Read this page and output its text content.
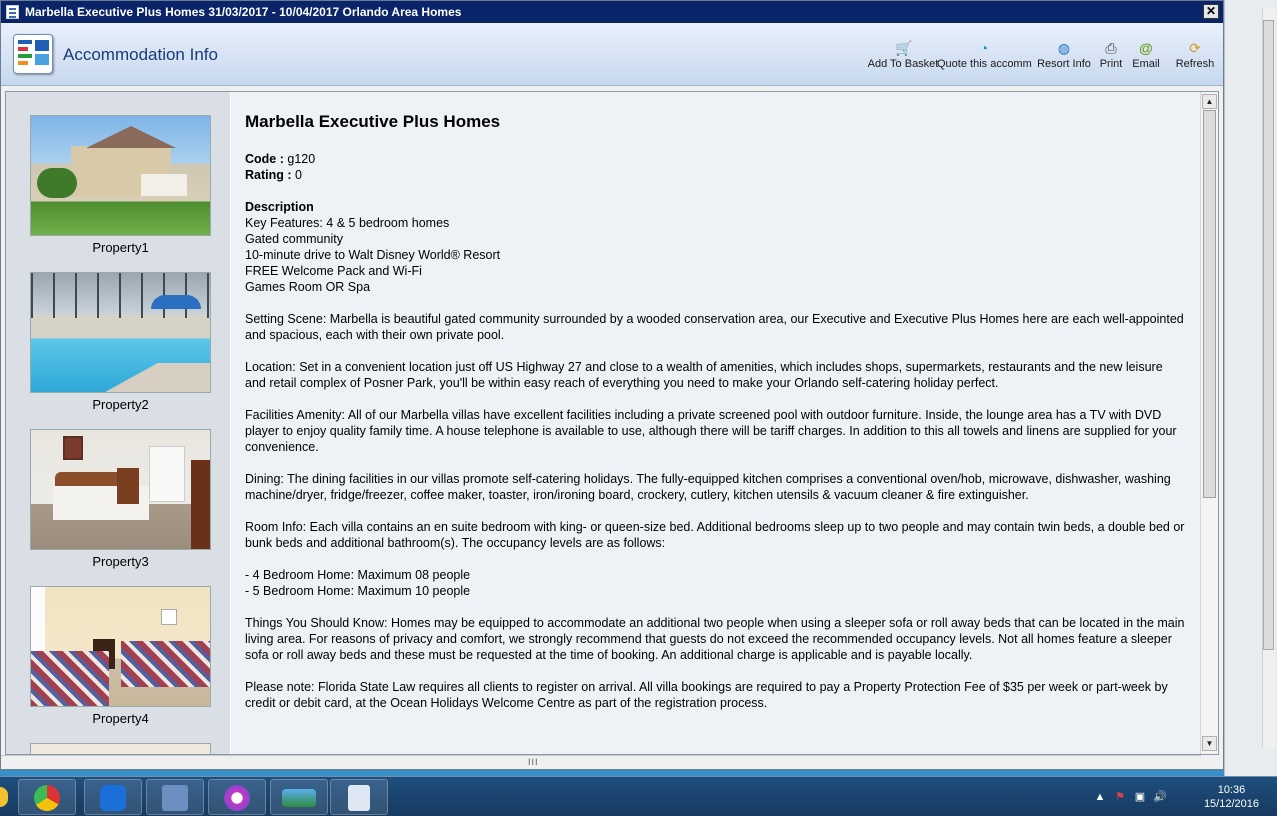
Marbella Executive Plus Homes 31/03/2017 - 10/04/2017 Orlando Area Homes	✕
Accommodation Info	🛒
Add To Basket
◔
Quote this accomm
◍
Resort Info
⎙
Print
@
Email
⟳
Refresh
Property1
Property2
Property3
Property4
Marbella Executive Plus Homes
Code : g120
Rating : 0
Description
Key Features: 4 & 5 bedroom homes
Gated community
10-minute drive to Walt Disney World® Resort
FREE Welcome Pack and Wi-Fi
Games Room OR Spa

Setting Scene: Marbella is beautiful gated community surrounded by a wooded conservation area, our Executive and Executive Plus Homes here are each well-appointed and spacious, each with their own private pool.

Location: Set in a convenient location just off US Highway 27 and close to a wealth of amenities, which includes shops, supermarkets, restaurants and the new leisure and retail complex of Posner Park, you'll be within easy reach of everything you need to make your Orlando self-catering holiday perfect.

Facilities Amenity: All of our Marbella villas have excellent facilities including a private screened pool with outdoor furniture. Inside, the lounge area has a TV with DVD player to enjoy quality family time. A house telephone is available to use, although there will be tariff charges. In addition to this all towels and linens are supplied for your convenience.

Dining: The dining facilities in our villas promote self-catering holidays. The fully-equipped kitchen comprises a conventional oven/hob, microwave, dishwasher, washing machine/dryer, fridge/freezer, coffee maker, toaster, iron/ironing board, crockery, cutlery, kitchen utensils & vacuum cleaner & fire extinguisher.

Room Info: Each villa contains an en suite bedroom with king- or queen-size bed. Additional bedrooms sleep up to two people and may contain twin beds, a double bed or bunk beds and additional bathroom(s). The occupancy levels are as follows:

- 4 Bedroom Home: Maximum 08 people
- 5 Bedroom Home: Maximum 10 people

Things You Should Know: Homes may be equipped to accommodate an additional two people when using a sleeper sofa or roll away beds that can be located in the main living area. For reasons of privacy and comfort, we strongly recommend that guests do not exceed the recommended occupancy levels. Not all homes feature a sleeper sofa or roll away beds and these must be requested at the time of booking. An additional charge is applicable and is payable locally.

Please note: Florida State Law requires all clients to register on arrival. All villa bookings are required to pay a Property Protection Fee of $35 per week or part-week by credit or debit card, at the Ocean Holidays Welcome Centre as part of the registration process.

▲
▼
III
▲ ⚑ ▣ 🔊
10:36
15/12/2016
